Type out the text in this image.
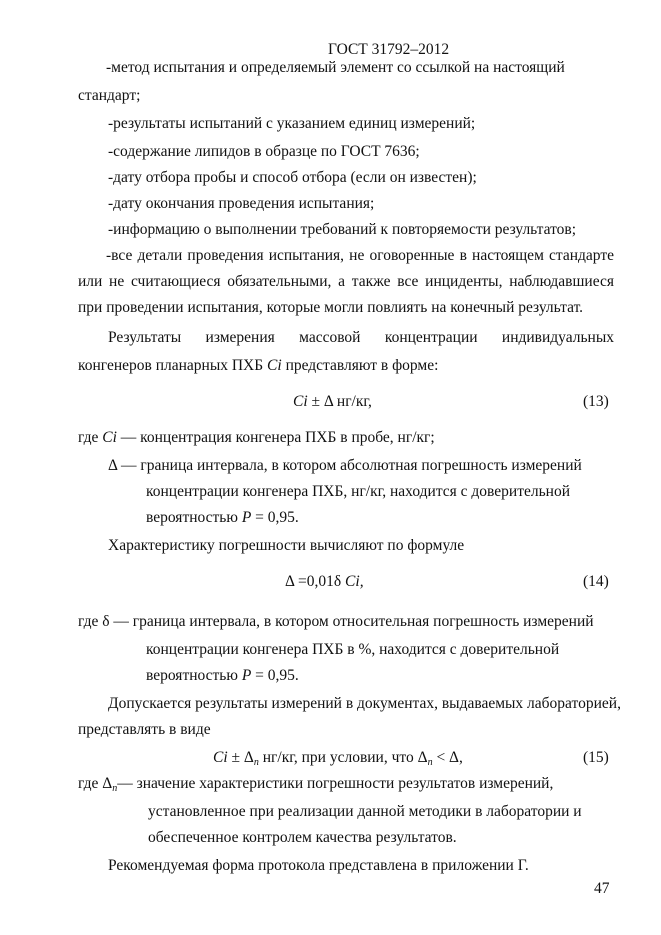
ГОСТ 31792–2012
-метод испытания и определяемый элемент со ссылкой на настоящий
стандарт;
-результаты испытаний с указанием единиц измерений;
-содержание липидов в образце по ГОСТ 7636;
-дату отбора пробы и способ отбора (если он известен);
-дату окончания проведения испытания;
-информацию о выполнении требований к повторяемости результатов;
-все детали проведения испытания, не оговоренные в настоящем стандарте
или не считающиеся обязательными, а также все инциденты, наблюдавшиеся
при проведении испытания, которые могли повлиять на конечный результат.
Результаты измерения массовой концентрации индивидуальных
конгенеров планарных ПХБ Ci представляют в форме:
Ci ± Δ нг/кг,	(13)
где Ci — концентрация конгенера ПХБ в пробе, нг/кг;
Δ — граница интервала, в котором абсолютная погрешность измерений
концентрации конгенера ПХБ, нг/кг, находится с доверительной
вероятностью P = 0,95.
Характеристику погрешности вычисляют по формуле
Δ =0,01δ Ci,	(14)
где δ — граница интервала, в котором относительная погрешность измерений
концентрации конгенера ПХБ в %, находится с доверительной
вероятностью P = 0,95.
Допускается результаты измерений в документах, выдаваемых лабораторией,
представлять в виде
$Ci \pm \Delta_n$ нг/кг, при условии, что $\Delta_n < \Delta$,	(15)
где $\Delta_n—$ значение характеристики погрешности результатов измерений,
установленное при реализации данной методики в лаборатории и
обеспеченное контролем качества результатов.
Рекомендуемая форма протокола представлена в приложении Г.
47
